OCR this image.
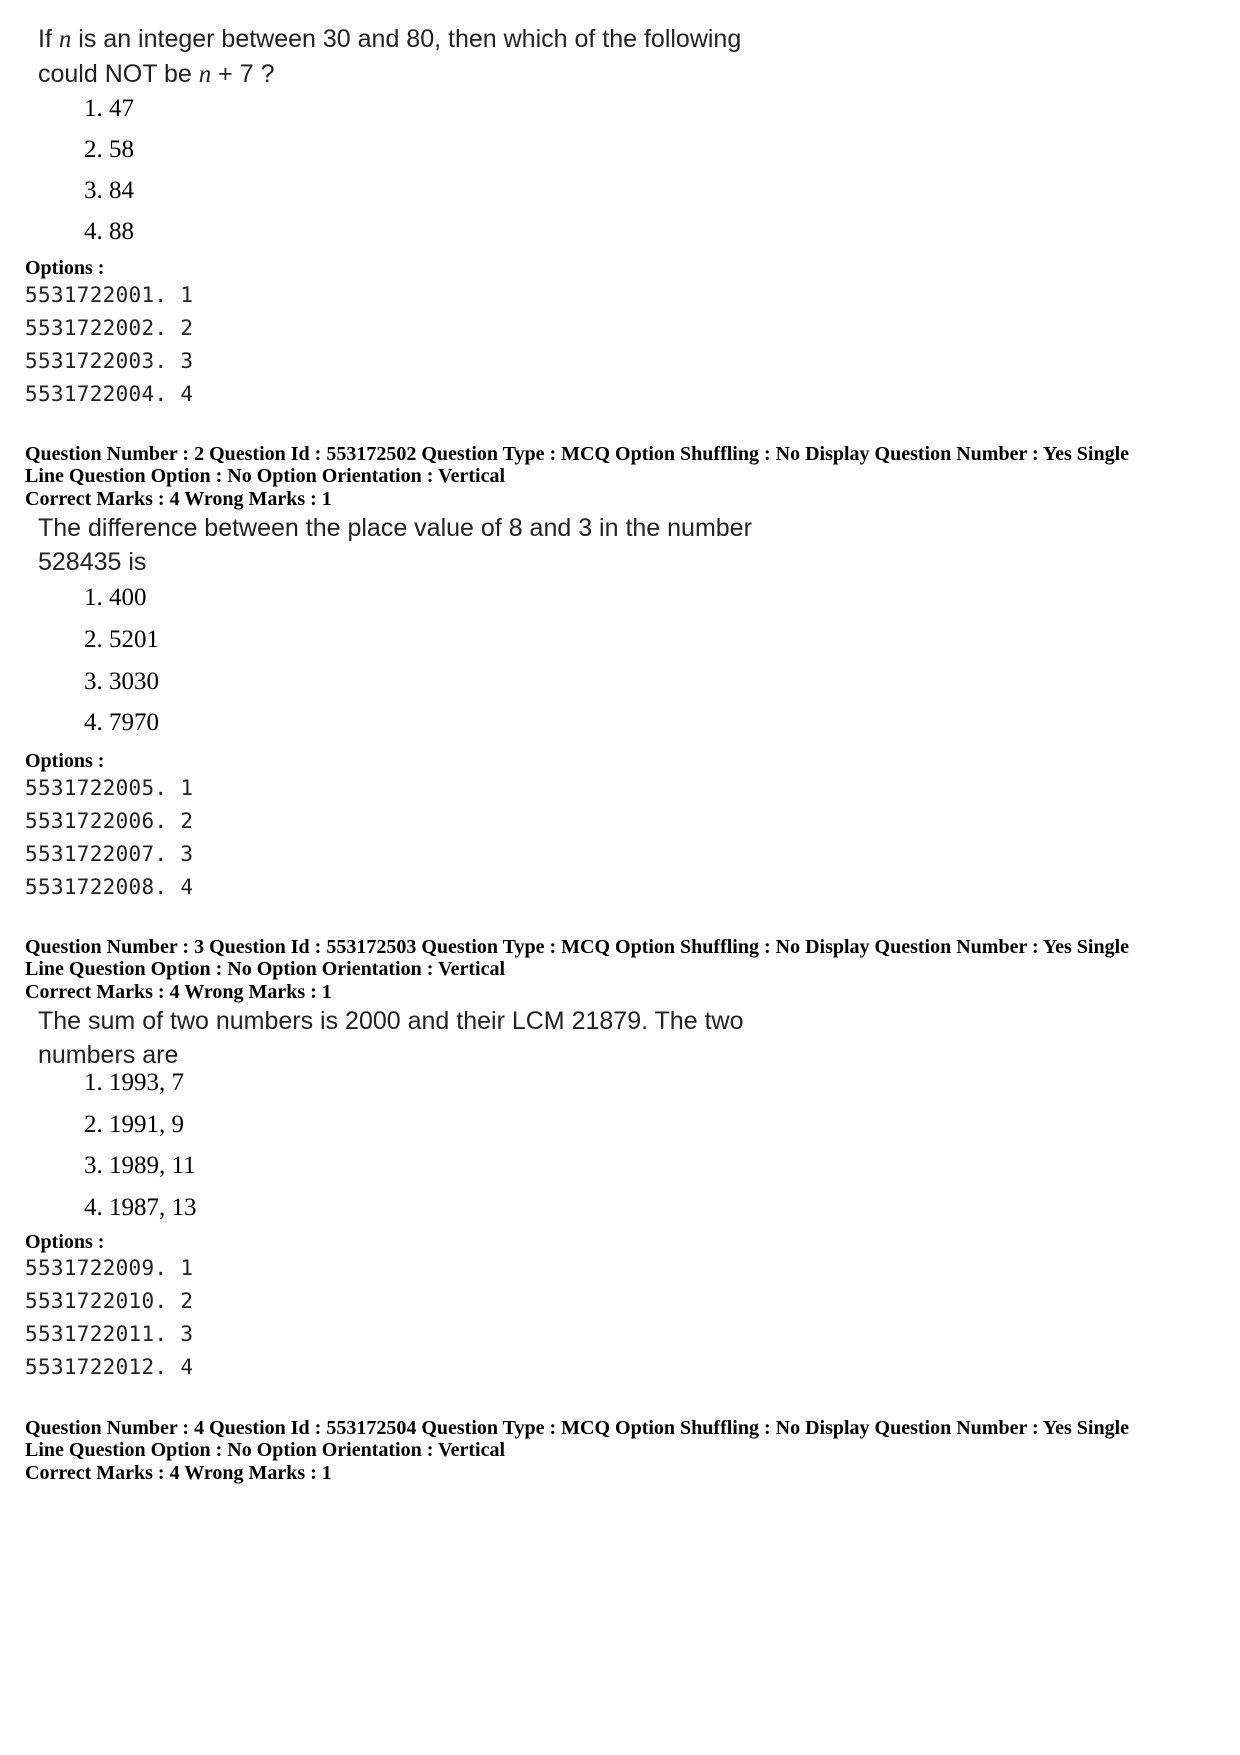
If n is an integer between 30 and 80, then which of the following
could NOT be n + 7 ?

1. 47
2. 58
3. 84
4. 88
Options :
5531722001. 1
5531722002. 2
5531722003. 3
5531722004. 4
Question Number : 2 Question Id : 553172502 Question Type : MCQ Option Shuffling : No Display Question Number : Yes Single
Line Question Option : No Option Orientation : Vertical
Correct Marks : 4 Wrong Marks : 1

The difference between the place value of 8 and 3 in the number
528435 is

1. 400
2. 5201
3. 3030
4. 7970
Options :
5531722005. 1
5531722006. 2
5531722007. 3
5531722008. 4
Question Number : 3 Question Id : 553172503 Question Type : MCQ Option Shuffling : No Display Question Number : Yes Single
Line Question Option : No Option Orientation : Vertical
Correct Marks : 4 Wrong Marks : 1

The sum of two numbers is 2000 and their LCM 21879. The two
numbers are

1. 1993, 7
2. 1991, 9
3. 1989, 11
4. 1987, 13
Options :
5531722009. 1
5531722010. 2
5531722011. 3
5531722012. 4
Question Number : 4 Question Id : 553172504 Question Type : MCQ Option Shuffling : No Display Question Number : Yes Single
Line Question Option : No Option Orientation : Vertical
Correct Marks : 4 Wrong Marks : 1
